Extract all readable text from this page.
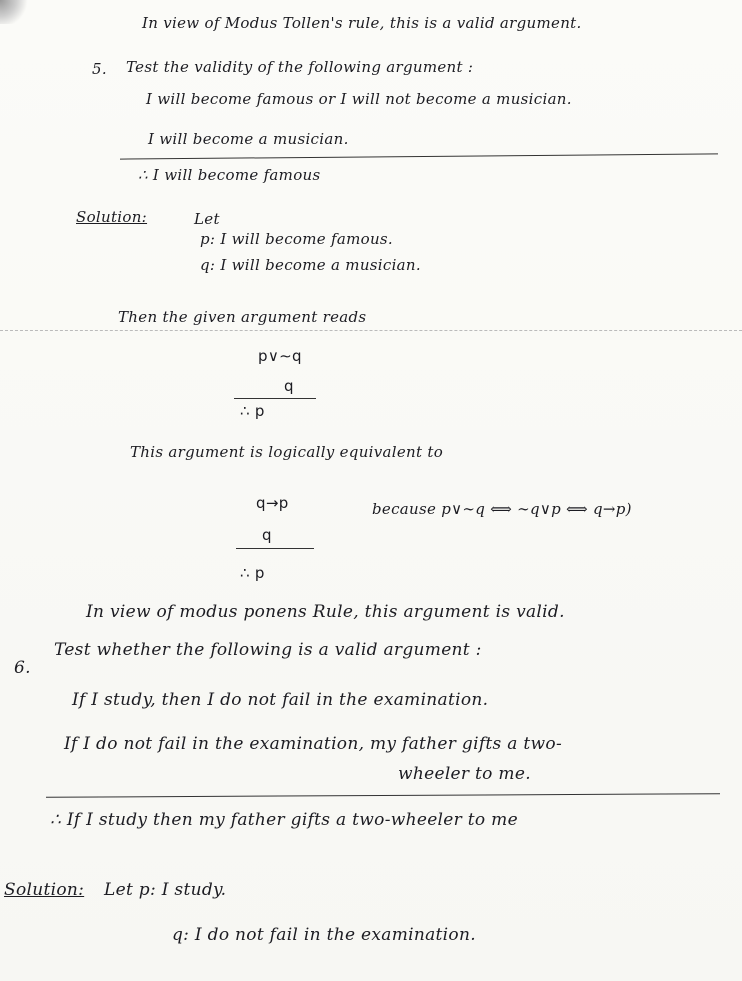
In view of Modus Tollen's rule, this is a valid argument.
5. Test the validity of the following argument :
I will become famous or I will not become a musician.
I will become a musician.
∴ I will become famous
Solution:	Let
p: I will become famous.
q: I will become a musician.
Then the given argument reads
p∨∼q
q
∴ p
This argument is logically equivalent to
q→p	because p∨∼q ⟺ ∼q∨p ⟺ q→p)
q
∴ p
In view of modus ponens Rule, this argument is valid.
6.
Test whether the following is a valid argument :
If I study, then I do not fail in the examination.
If I do not fail in the examination, my father gifts a two-
wheeler to me.
∴ If I study then my father gifts a two-wheeler to me
Solution: Let p: I study.
q: I do not fail in the examination.
